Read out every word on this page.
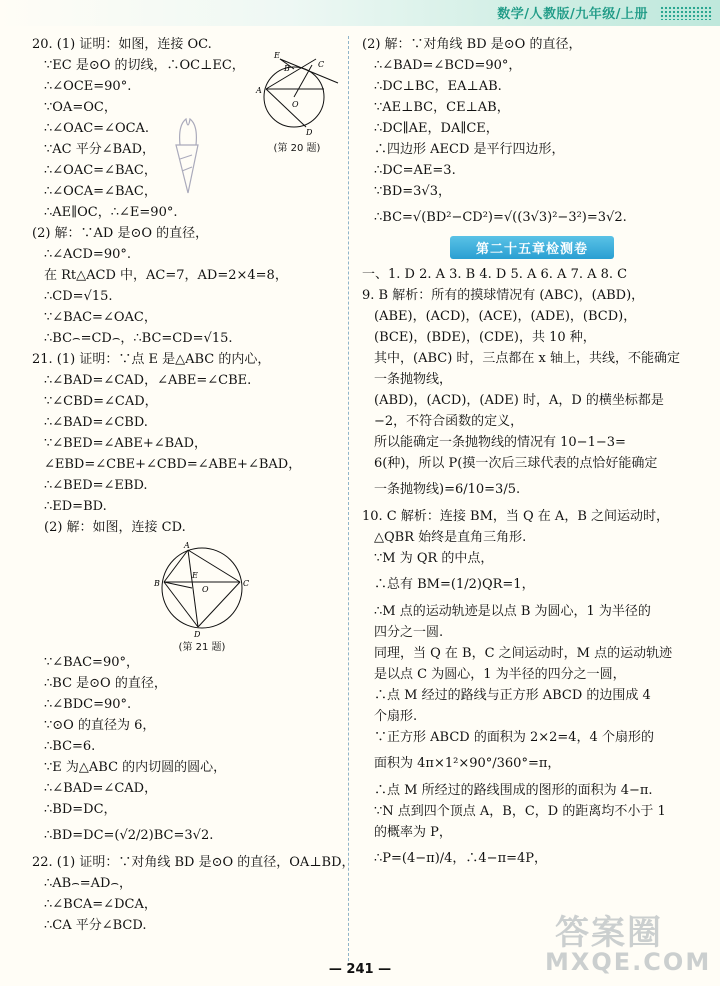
数学/人教版/九年级/上册
20. (1) 证明：如图，连接 OC.
∵EC 是⊙O 的切线，∴OC⊥EC，
∴∠OCE=90°.
∵OA=OC，
∴∠OAC=∠OCA.
∵AC 平分∠BAD，
∴∠OAC=∠BAC，
∴∠OCA=∠BAC，
∴AE∥OC，∴∠E=90°.
E
B	C
A
O
D
(第 20 题)
(2) 解：∵AD 是⊙O 的直径，
∴∠ACD=90°.
在 Rt△ACD 中，AC=7，AD=2×4=8，
∴CD=√15.
∵∠BAC=∠OAC，
∴BC⌢=CD⌢，∴BC=CD=√15.
21. (1) 证明：∵点 E 是△ABC 的内心，
∴∠BAD=∠CAD，∠ABE=∠CBE.
∵∠CBD=∠CAD，
∴∠BAD=∠CBD.
∵∠BED=∠ABE+∠BAD，
∠EBD=∠CBE+∠CBD=∠ABE+∠BAD，
∴∠BED=∠EBD.
∴ED=BD.
(2) 解：如图，连接 CD.
A
B
E
O
C
D
(第 21 题)
∵∠BAC=90°，
∴BC 是⊙O 的直径，
∴∠BDC=90°.
∵⊙O 的直径为 6，
∴BC=6.
∵E 为△ABC 的内切圆的圆心，
∴∠BAD=∠CAD，
∴BD=DC，
∴BD=DC=(√2/2)BC=3√2.
22. (1) 证明：∵对角线 BD 是⊙O 的直径，OA⊥BD，
∴AB⌢=AD⌢，
∴∠BCA=∠DCA，
∴CA 平分∠BCD.
(2) 解：∵对角线 BD 是⊙O 的直径，
∴∠BAD=∠BCD=90°，
∴DC⊥BC，EA⊥AB.
∵AE⊥BC，CE⊥AB，
∴DC∥AE，DA∥CE，
∴四边形 AECD 是平行四边形，
∴DC=AE=3.
∵BD=3√3，
∴BC=√(BD²−CD²)=√((3√3)²−3²)=3√2.
第二十五章检测卷
一、1. D 2. A 3. B 4. D 5. A 6. A 7. A 8. C
9. B 解析：所有的摸球情况有 (ABC)，(ABD)，
(ABE)，(ACD)，(ACE)，(ADE)，(BCD)，
(BCE)，(BDE)，(CDE)，共 10 种，
其中，(ABC) 时，三点都在 x 轴上，共线，不能确定
一条抛物线，
(ABD)，(ACD)，(ADE) 时，A，D 的横坐标都是
−2，不符合函数的定义，
所以能确定一条抛物线的情况有 10−1−3=
6(种)，所以 P(摸一次后三球代表的点恰好能确定
一条抛物线)=6/10=3/5.
10. C 解析：连接 BM，当 Q 在 A，B 之间运动时，
△QBR 始终是直角三角形.
∵M 为 QR 的中点，
∴总有 BM=(1/2)QR=1，
∴M 点的运动轨迹是以点 B 为圆心，1 为半径的
四分之一圆.
同理，当 Q 在 B，C 之间运动时，M 点的运动轨迹
是以点 C 为圆心，1 为半径的四分之一圆，
∴点 M 经过的路线与正方形 ABCD 的边围成 4
个扇形.
∵正方形 ABCD 的面积为 2×2=4，4 个扇形的
面积为 4π×1²×90°/360°=π，
∴点 M 所经过的路线围成的图形的面积为 4−π.
∵N 点到四个顶点 A，B，C，D 的距离均不小于 1
的概率为 P，
∴P=(4−π)/4，∴4−π=4P，
答案圈
MXQE.COM
— 241 —
